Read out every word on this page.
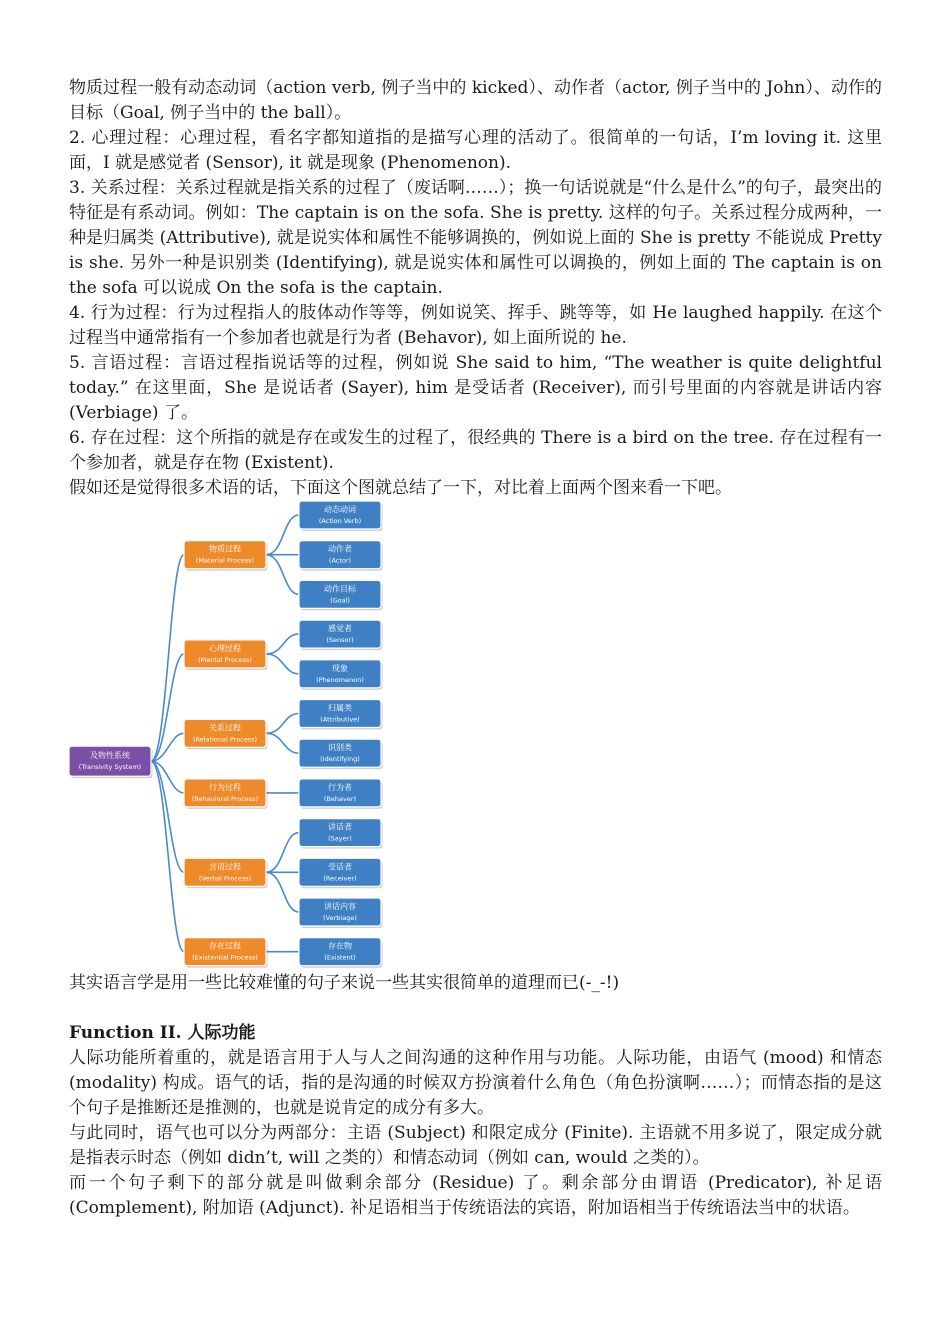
物质过程一般有动态动词（action verb, 例子当中的 kicked）、动作者（actor, 例子当中的 John）、动作的目标（Goal, 例子当中的 the ball）。

2. 心理过程：心理过程，看名字都知道指的是描写心理的活动了。很简单的一句话，I’m loving it. 这里面，I 就是感觉者 (Sensor), it 就是现象 (Phenomenon).

3. 关系过程：关系过程就是指关系的过程了（废话啊……）；换一句话说就是“什么是什么”的句子，最突出的特征是有系动词。例如：The captain is on the sofa. She is pretty. 这样的句子。关系过程分成两种，一种是归属类 (Attributive), 就是说实体和属性不能够调换的，例如说上面的 She is pretty 不能说成 Pretty is she. 另外一种是识别类 (Identifying), 就是说实体和属性可以调换的，例如上面的 The captain is on the sofa 可以说成 On the sofa is the captain.

4. 行为过程：行为过程指人的肢体动作等等，例如说笑、挥手、跳等等，如 He laughed happily. 在这个过程当中通常指有一个参加者也就是行为者 (Behavor), 如上面所说的 he.

5. 言语过程：言语过程指说话等的过程，例如说 She said to him, “The weather is quite delightful today.” 在这里面，She 是说话者 (Sayer), him 是受话者 (Receiver), 而引号里面的内容就是讲话内容 (Verbiage) 了。

6. 存在过程：这个所指的就是存在或发生的过程了，很经典的 There is a bird on the tree. 存在过程有一个参加者，就是存在物 (Existent).

假如还是觉得很多术语的话，下面这个图就总结了一下，对比着上面两个图来看一下吧。

及物性系统
(Transivity System)
物质过程
(Material Process)
动态动词
(Action Verb)
动作者
(Actor)
动作目标
(Goal)
心理过程
(Mental Process)
感觉者
(Sensor)
现象
(Phenomenon)
关系过程
(Relational Process)
归属类
(Attributive)
识别类
(Identifying)
行为过程
(Behavioral Process)
行为者
(Behaver)
言语过程
(Verbal Process)
讲话者
(Sayer)
受话者
(Receiver)
讲话内容
(Verbiage)
存在过程
(Existential Process)
存在物
(Existent)

其实语言学是用一些比较难懂的句子来说一些其实很简单的道理而已(-_-!)

Function II. 人际功能

人际功能所着重的，就是语言用于人与人之间沟通的这种作用与功能。人际功能，由语气 (mood) 和情态 (modality) 构成。语气的话，指的是沟通的时候双方扮演着什么角色（角色扮演啊……）；而情态指的是这个句子是推断还是推测的，也就是说肯定的成分有多大。

与此同时，语气也可以分为两部分：主语 (Subject) 和限定成分 (Finite). 主语就不用多说了，限定成分就是指表示时态（例如 didn’t, will 之类的）和情态动词（例如 can, would 之类的）。

而一个句子剩下的部分就是叫做剩余部分 (Residue) 了。剩余部分由谓语 (Predicator), 补足语 (Complement), 附加语 (Adjunct). 补足语相当于传统语法的宾语，附加语相当于传统语法当中的状语。
